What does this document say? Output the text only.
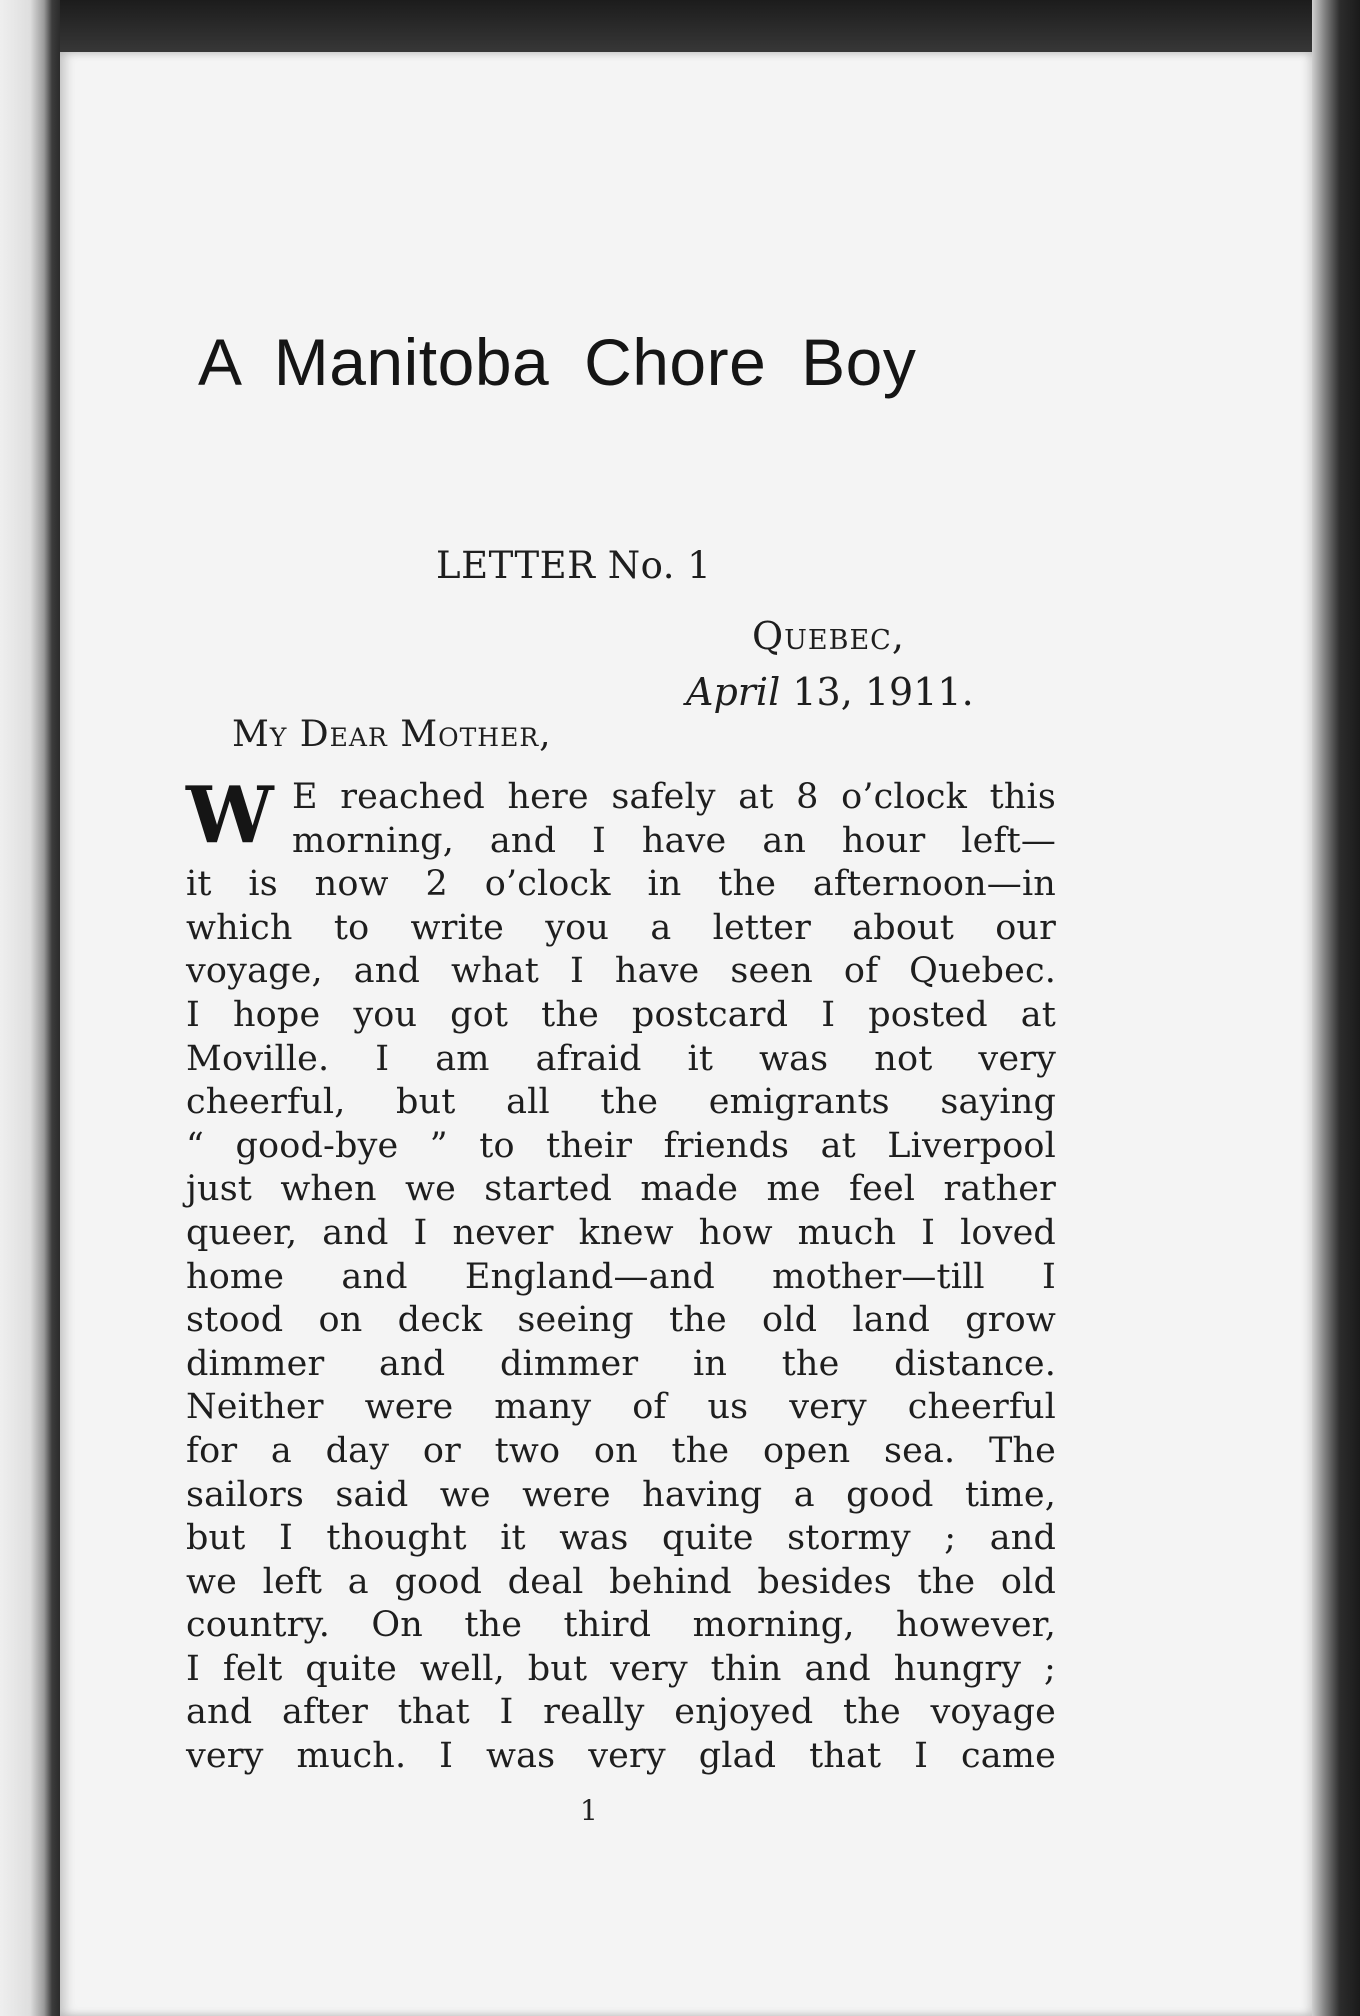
A Manitoba Chore Boy
LETTER No. 1
Quebec,
April 13, 1911.
My Dear Mother,
W E reached here safely at 8 o’clock this
morning, and I have an hour left—
it is now 2 o’clock in the afternoon—in
which to write you a letter about our
voyage, and what I have seen of Quebec.
I hope you got the postcard I posted at
Moville. I am afraid it was not very
cheerful, but all the emigrants saying
“ good-bye ” to their friends at Liverpool
just when we started made me feel rather
queer, and I never knew how much I loved
home and England—and mother—till I
stood on deck seeing the old land grow
dimmer and dimmer in the distance.
Neither were many of us very cheerful
for a day or two on the open sea. The
sailors said we were having a good time,
but I thought it was quite stormy ; and
we left a good deal behind besides the old
country. On the third morning, however,
I felt quite well, but very thin and hungry ;
and after that I really enjoyed the voyage
very much. I was very glad that I came
1
